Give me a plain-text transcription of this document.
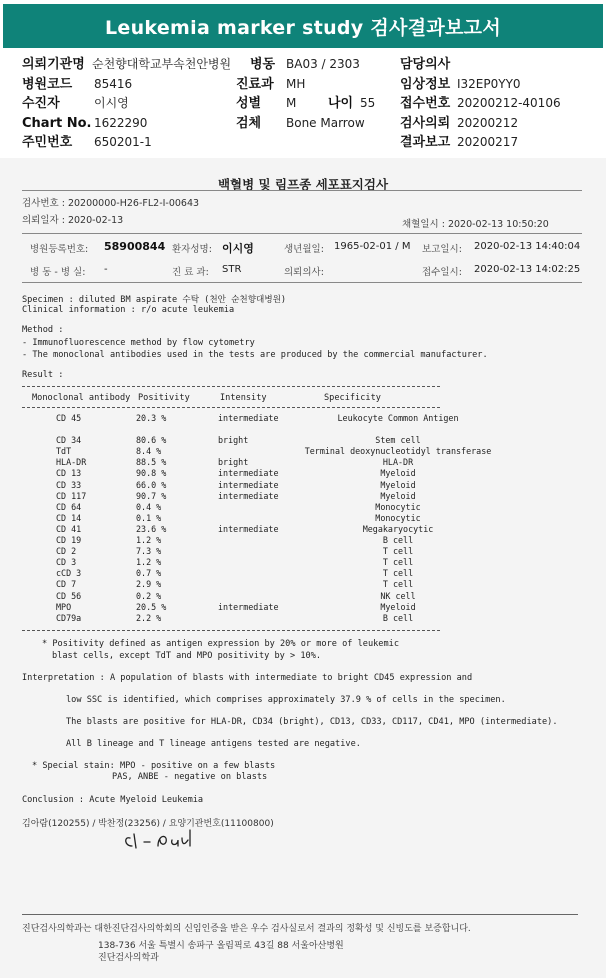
Leukemia marker study 검사결과보고서
의뢰기관명 순천향대학교부속천안병원 병동 BA03 / 2303	담당의사
병원코드 85416	진료과 MH	임상정보 I32EP0YY0
수진자	이시영	성별 M 나이 55 접수번호 20200212-40106
Chart No. 1622290	검체 Bone Marrow	검사의뢰 20200212
주민번호 650201-1	결과보고 20200217
백혈병 및 림프종 세포표지검사
검사번호 : 20200000-H26-FL2-I-00643
의뢰일자 : 2020-02-13	채혈일시 : 2020-02-13 10:50:20
병원등록번호: 58900844 환자성명: 이시영	생년월일: 1965-02-01 / M 보고일시: 2020-02-13 14:40:04
병 동 - 병 실: -	진 료 과: STR	의뢰의사:	접수일시: 2020-02-13 14:02:25
Specimen : diluted BM aspirate 수탁 (천안 순천향대병원)
Clinical information : r/o acute leukemia
Method :
- Immunofluorescence method by flow cytometry
- The monoclonal antibodies used in the tests are produced by the commercial manufacturer.
Result :
Monoclonal antibody Positivity	Intensity	Specificity
CD 45	20.3 %	intermediate	Leukocyte Common Antigen

CD 34	80.6 %	bright	Stem cell
TdT	8.4 %		Terminal deoxynucleotidyl transferase
HLA-DR	88.5 %	bright	HLA-DR
CD 13	90.8 %	intermediate	Myeloid
CD 33	66.0 %	intermediate	Myeloid
CD 117	90.7 %	intermediate	Myeloid
CD 64	0.4 %		Monocytic
CD 14	0.1 %		Monocytic
CD 41	23.6 %	intermediate	Megakaryocytic
CD 19	1.2 %		B cell
CD 2	7.3 %		T cell
CD 3	1.2 %		T cell
cCD 3	0.7 %		T cell
CD 7	2.9 %		T cell
CD 56	0.2 %		NK cell
MPO	20.5 %	intermediate	Myeloid
CD79a	2.2 %		B cell
* Positivity defined as antigen expression by 20% or more of leukemic
blast cells, except TdT and MPO positivity by > 10%.
Interpretation : A population of blasts with intermediate to bright CD45 expression and
low SSC is identified, which comprises approximately 37.9 % of cells in the specimen.
The blasts are positive for HLA-DR, CD34 (bright), CD13, CD33, CD117, CD41, MPO (intermediate).
All B lineage and T lineage antigens tested are negative.
* Special stain: MPO - positive on a few blasts
PAS, ANBE - negative on blasts
Conclusion : Acute Myeloid Leukemia
김아람(120255) / 박찬정(23256) / 요양기관번호(11100800)
진단검사의학과는 대한진단검사의학회의 신임인증을 받은 우수 검사실로서 결과의 정확성 및 신빙도를 보증합니다.
138-736 서울 특별시 송파구 올림픽로 43길 88 서울아산병원
진단검사의학과
